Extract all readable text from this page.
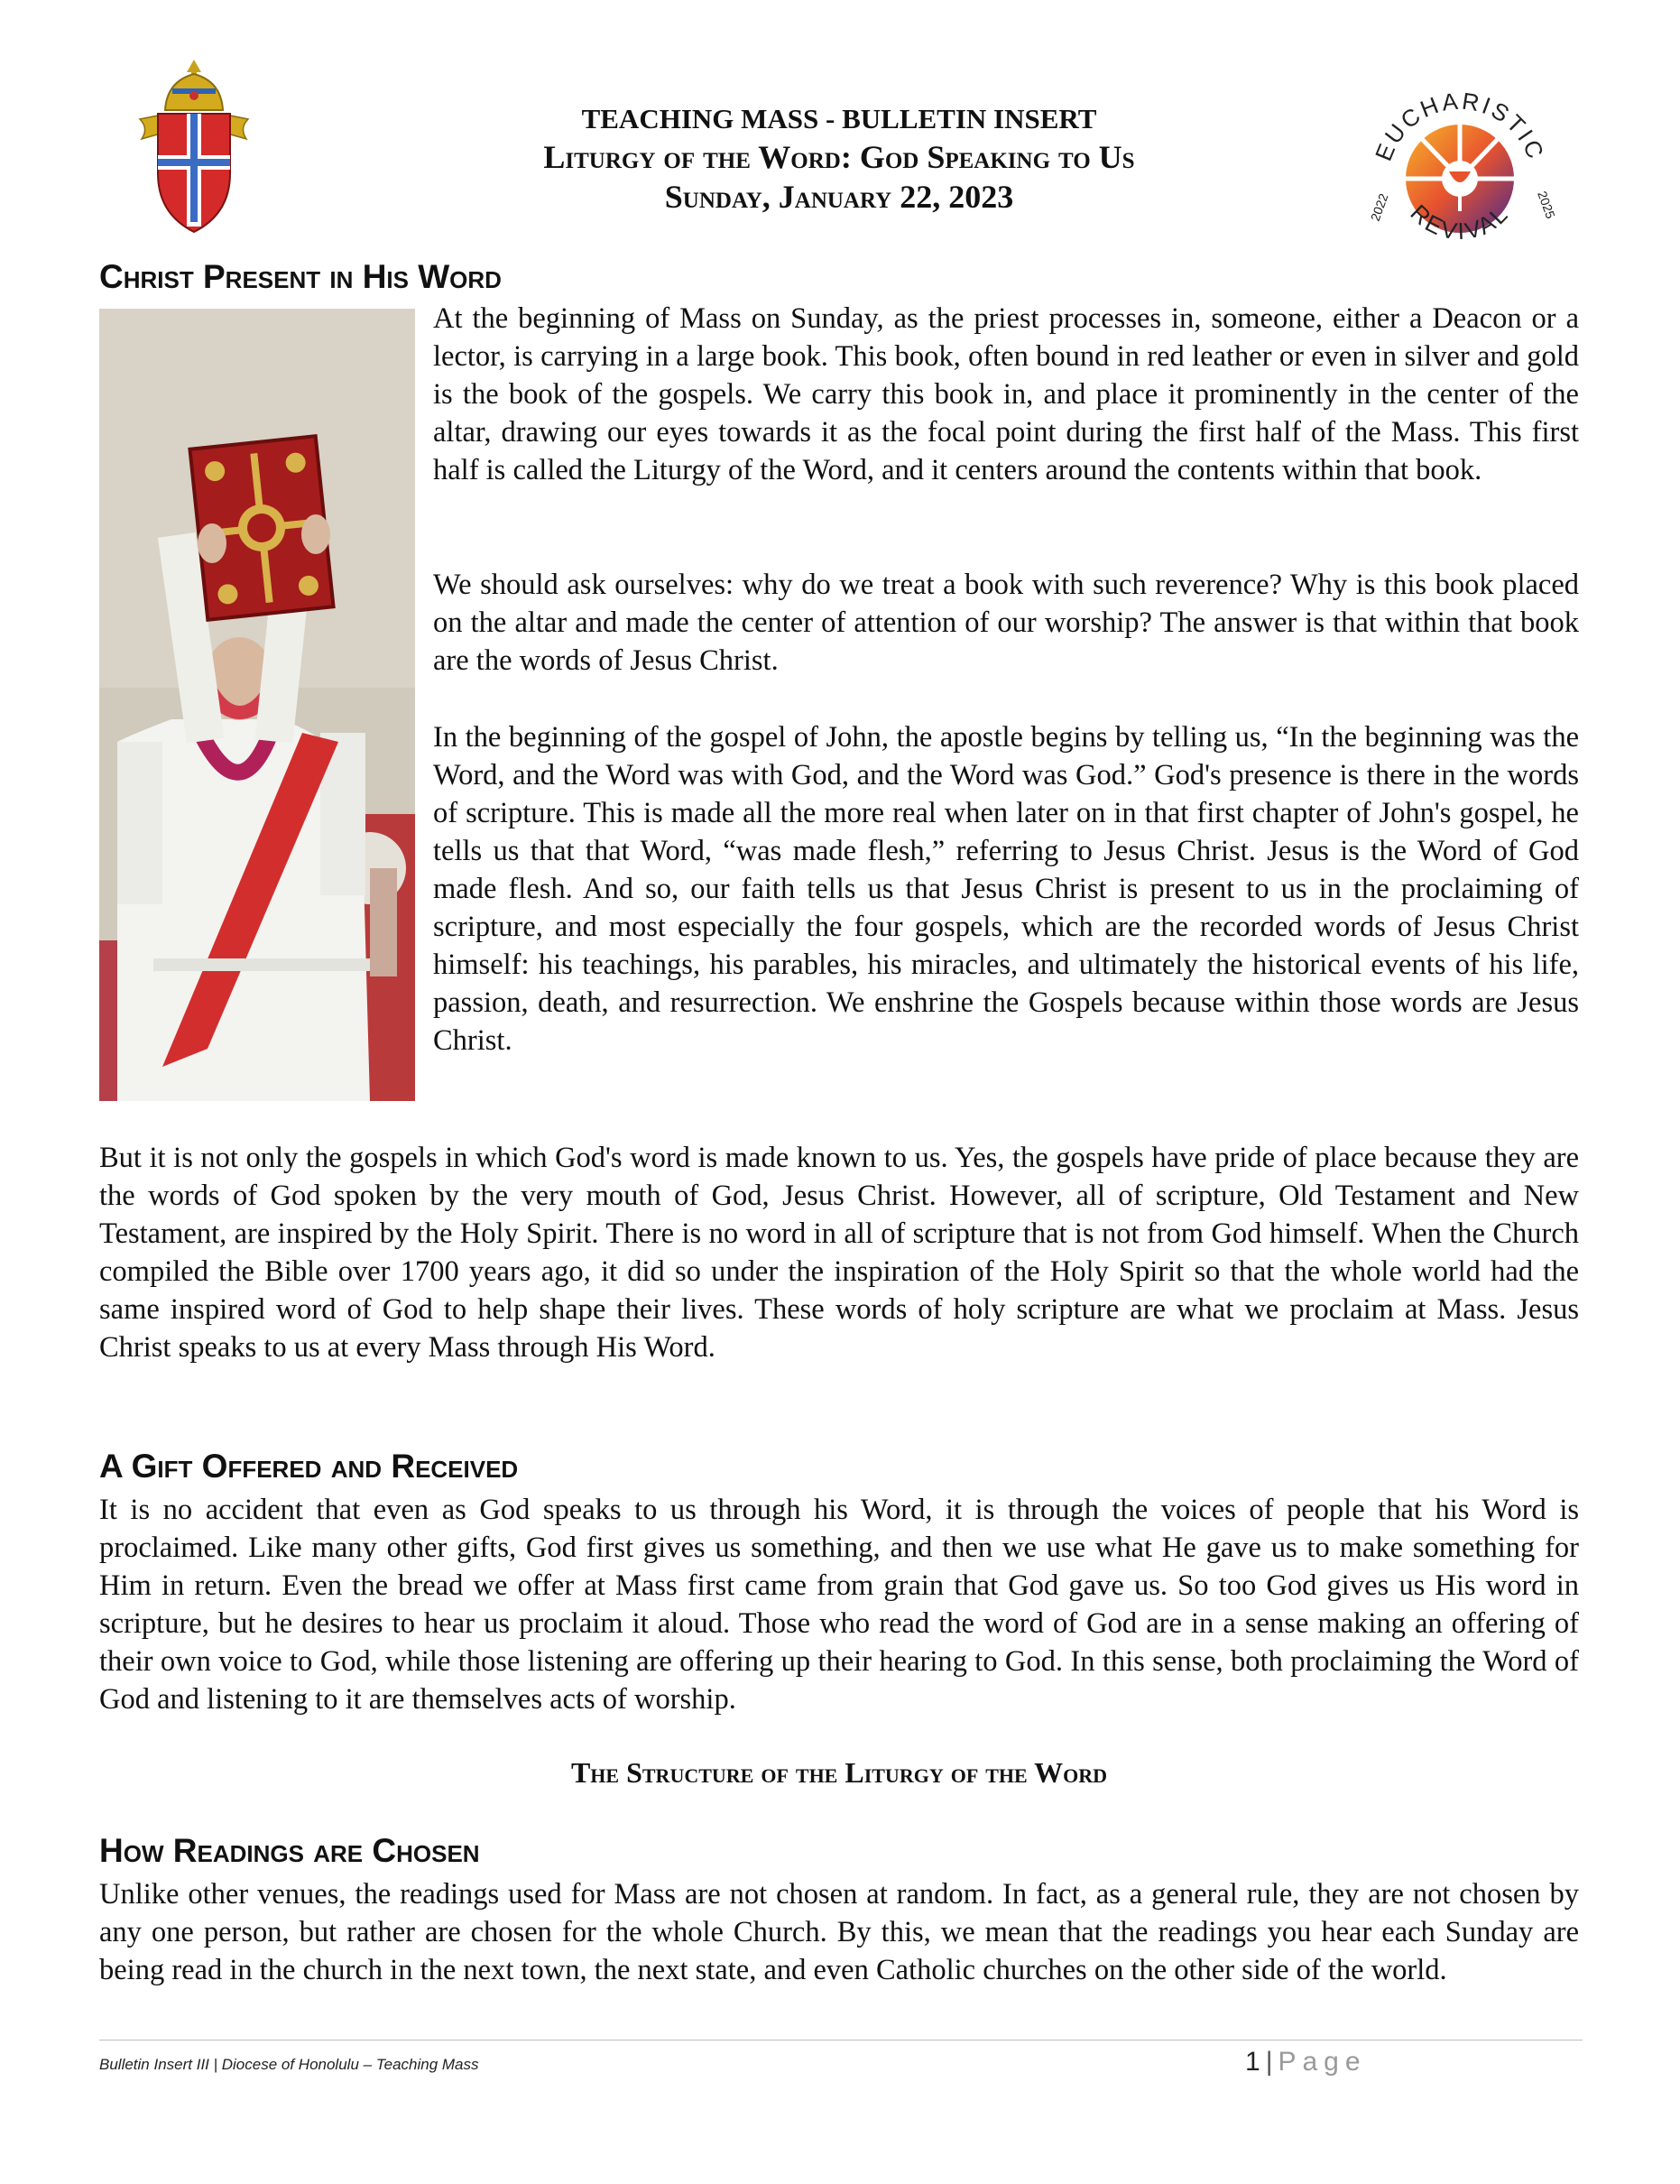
TEACHING MASS - BULLETIN INSERT
Liturgy of the Word: God Speaking to Us
Sunday, January 22, 2023
EUCHARISTIC
REVIVAL
2022	2025
Christ Present in His Word

At the beginning of Mass on Sunday, as the priest processes in, someone, either a Deacon or a lector, is carrying in a large book. This book, often bound in red leather or even in silver and gold is the book of the gospels. We carry this book in, and place it prominently in the center of the altar, drawing our eyes towards it as the focal point during the first half of the Mass. This first half is called the Liturgy of the Word, and it centers around the contents within that book.

We should ask ourselves: why do we treat a book with such reverence? Why is this book placed on the altar and made the center of attention of our worship? The answer is that within that book are the words of Jesus Christ.

In the beginning of the gospel of John, the apostle begins by telling us, “In the beginning was the Word, and the Word was with God, and the Word was God.” God's presence is there in the words of scripture. This is made all the more real when later on in that first chapter of John's gospel, he tells us that that Word, “was made flesh,” referring to Jesus Christ. Jesus is the Word of God made flesh. And so, our faith tells us that Jesus Christ is present to us in the proclaiming of scripture, and most especially the four gospels, which are the recorded words of Jesus Christ himself: his teachings, his parables, his miracles, and ultimately the historical events of his life, passion, death, and resurrection. We enshrine the Gospels because within those words are Jesus Christ.

But it is not only the gospels in which God's word is made known to us. Yes, the gospels have pride of place because they are the words of God spoken by the very mouth of God, Jesus Christ. However, all of scripture, Old Testament and New Testament, are inspired by the Holy Spirit. There is no word in all of scripture that is not from God himself. When the Church compiled the Bible over 1700 years ago, it did so under the inspiration of the Holy Spirit so that the whole world had the same inspired word of God to help shape their lives. These words of holy scripture are what we proclaim at Mass. Jesus Christ speaks to us at every Mass through His Word.

A Gift Offered and Received

It is no accident that even as God speaks to us through his Word, it is through the voices of people that his Word is proclaimed. Like many other gifts, God first gives us something, and then we use what He gave us to make something for Him in return. Even the bread we offer at Mass first came from grain that God gave us. So too God gives us His word in scripture, but he desires to hear us proclaim it aloud. Those who read the word of God are in a sense making an offering of their own voice to God, while those listening are offering up their hearing to God. In this sense, both proclaiming the Word of God and listening to it are themselves acts of worship.

The Structure of the Liturgy of the Word
How Readings are Chosen

Unlike other venues, the readings used for Mass are not chosen at random. In fact, as a general rule, they are not chosen by any one person, but rather are chosen for the whole Church. By this, we mean that the readings you hear each Sunday are being read in the church in the next town, the next state, and even Catholic churches on the other side of the world.

Bulletin Insert III | Diocese of Honolulu – Teaching Mass	1 | Page
